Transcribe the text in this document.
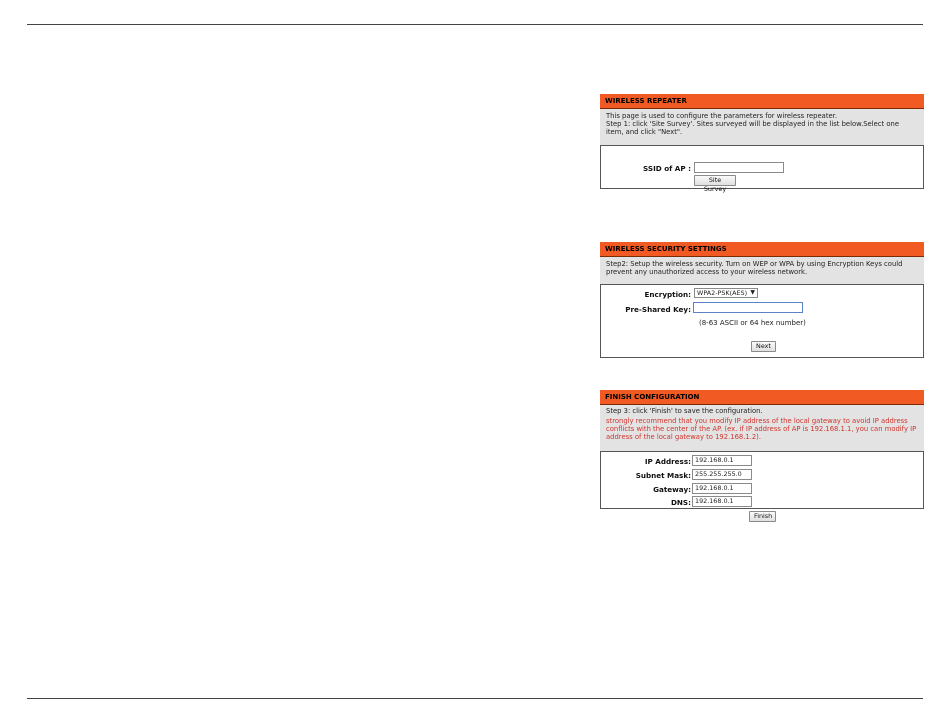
WIRELESS REPEATER
This page is used to configure the parameters for wireless repeater.
Step 1: click 'Site Survey'. Sites surveyed will be displayed in the list below.Select one item, and click "Next".
SSID of AP :
Site Survey
WIRELESS SECURITY SETTINGS
Step2: Setup the wireless security. Turn on WEP or WPA by using Encryption Keys could prevent any unauthorized access to your wireless network.
Encryption: WPA2-PSK(AES) ▼
Pre-Shared Key:
(8-63 ASCII or 64 hex number)
Next
FINISH CONFIGURATION
Step 3: click 'Finish' to save the configuration.
strongly recommend that you modify IP address of the local gateway to avoid IP address conflicts with the center of the AP. (ex. if IP address of AP is 192.168.1.1, you can modify IP address of the local gateway to 192.168.1.2).
IP Address: 192.168.0.1
Subnet Mask: 255.255.255.0
Gateway: 192.168.0.1
DNS: 192.168.0.1
Finish
